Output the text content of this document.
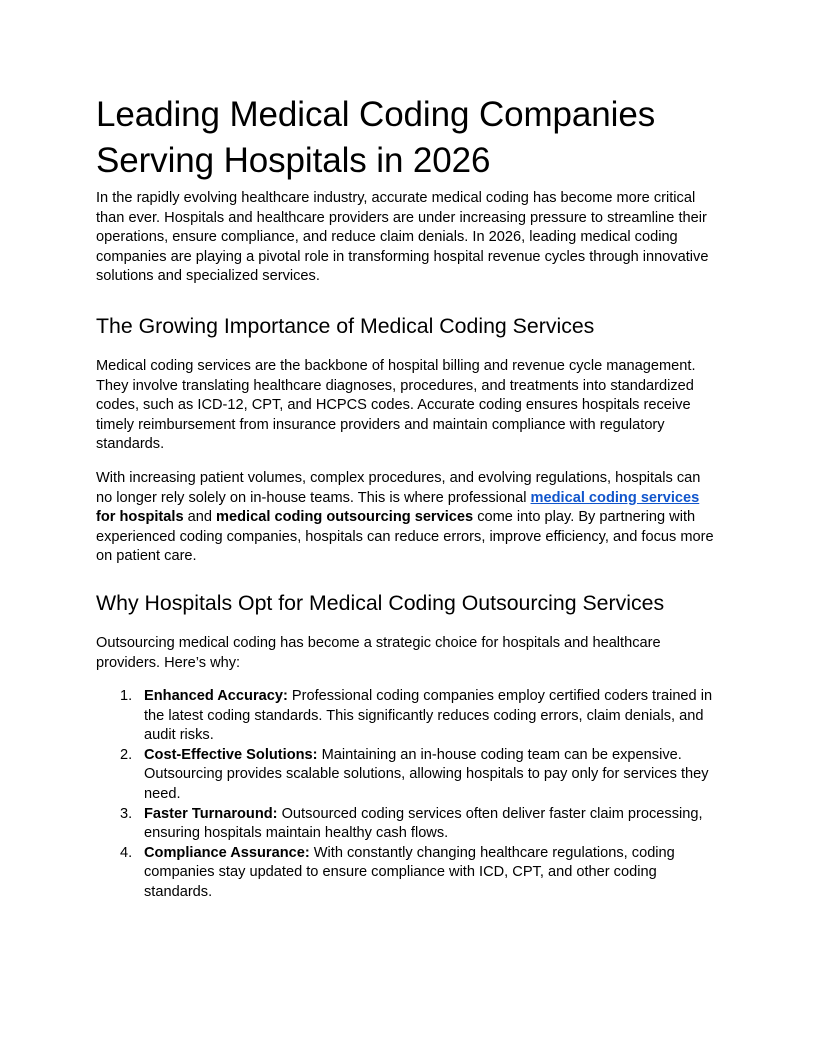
Leading Medical Coding Companies Serving Hospitals in 2026

In the rapidly evolving healthcare industry, accurate medical coding has become more critical than ever. Hospitals and healthcare providers are under increasing pressure to streamline their operations, ensure compliance, and reduce claim denials. In 2026, leading medical coding companies are playing a pivotal role in transforming hospital revenue cycles through innovative solutions and specialized services.

The Growing Importance of Medical Coding Services

Medical coding services are the backbone of hospital billing and revenue cycle management. They involve translating healthcare diagnoses, procedures, and treatments into standardized codes, such as ICD-12, CPT, and HCPCS codes. Accurate coding ensures hospitals receive timely reimbursement from insurance providers and maintain compliance with regulatory standards.

With increasing patient volumes, complex procedures, and evolving regulations, hospitals can no longer rely solely on in-house teams. This is where professional medical coding services for hospitals and medical coding outsourcing services come into play. By partnering with experienced coding companies, hospitals can reduce errors, improve efficiency, and focus more on patient care.

Why Hospitals Opt for Medical Coding Outsourcing Services

Outsourcing medical coding has become a strategic choice for hospitals and healthcare providers. Here’s why:

1. Enhanced Accuracy: Professional coding companies employ certified coders trained in the latest coding standards. This significantly reduces coding errors, claim denials, and audit risks.
2. Cost-Effective Solutions: Maintaining an in-house coding team can be expensive. Outsourcing provides scalable solutions, allowing hospitals to pay only for services they need.
3. Faster Turnaround: Outsourced coding services often deliver faster claim processing, ensuring hospitals maintain healthy cash flows.
4. Compliance Assurance: With constantly changing healthcare regulations, coding companies stay updated to ensure compliance with ICD, CPT, and other coding standards.
